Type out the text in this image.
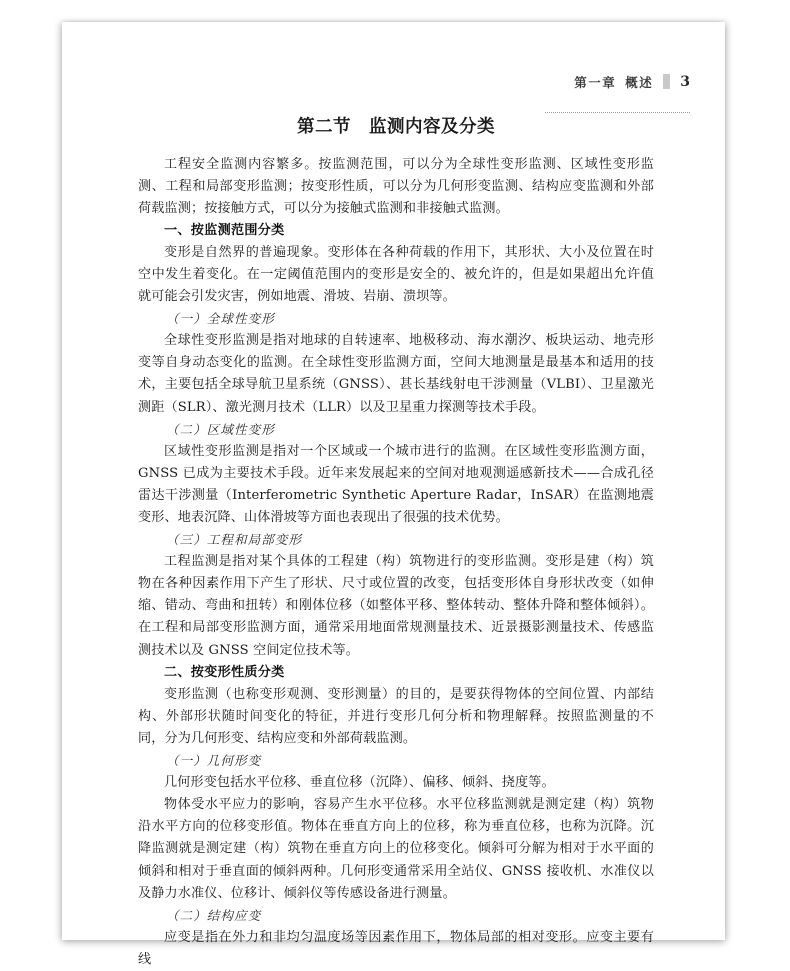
第一章 概述 3
第二节　监测内容及分类

工程安全监测内容繁多。按监测范围，可以分为全球性变形监测、区域性变形监测、工程和局部变形监测；按变形性质，可以分为几何形变监测、结构应变监测和外部荷载监测；按接触方式，可以分为接触式监测和非接触式监测。

一、按监测范围分类

变形是自然界的普遍现象。变形体在各种荷载的作用下，其形状、大小及位置在时空中发生着变化。在一定阈值范围内的变形是安全的、被允许的，但是如果超出允许值就可能会引发灾害，例如地震、滑坡、岩崩、溃坝等。

（一）全球性变形

全球性变形监测是指对地球的自转速率、地极移动、海水潮汐、板块运动、地壳形变等自身动态变化的监测。在全球性变形监测方面，空间大地测量是最基本和适用的技术，主要包括全球导航卫星系统（GNSS）、甚长基线射电干涉测量（VLBI）、卫星激光测距（SLR）、激光测月技术（LLR）以及卫星重力探测等技术手段。

（二）区域性变形

区域性变形监测是指对一个区域或一个城市进行的监测。在区域性变形监测方面，GNSS 已成为主要技术手段。近年来发展起来的空间对地观测遥感新技术——合成孔径雷达干涉测量（Interferometric Synthetic Aperture Radar，InSAR）在监测地震变形、地表沉降、山体滑坡等方面也表现出了很强的技术优势。

（三）工程和局部变形

工程监测是指对某个具体的工程建（构）筑物进行的变形监测。变形是建（构）筑物在各种因素作用下产生了形状、尺寸或位置的改变，包括变形体自身形状改变（如伸缩、错动、弯曲和扭转）和刚体位移（如整体平移、整体转动、整体升降和整体倾斜）。在工程和局部变形监测方面，通常采用地面常规测量技术、近景摄影测量技术、传感监测技术以及 GNSS 空间定位技术等。

二、按变形性质分类

变形监测（也称变形观测、变形测量）的目的，是要获得物体的空间位置、内部结构、外部形状随时间变化的特征，并进行变形几何分析和物理解释。按照监测量的不同，分为几何形变、结构应变和外部荷载监测。

（一）几何形变

几何形变包括水平位移、垂直位移（沉降）、偏移、倾斜、挠度等。

物体受水平应力的影响，容易产生水平位移。水平位移监测就是测定建（构）筑物沿水平方向的位移变形值。物体在垂直方向上的位移，称为垂直位移，也称为沉降。沉降监测就是测定建（构）筑物在垂直方向上的位移变化。倾斜可分解为相对于水平面的倾斜和相对于垂直面的倾斜两种。几何形变通常采用全站仪、GNSS 接收机、水准仪以及静力水准仪、位移计、倾斜仪等传感设备进行测量。

（二）结构应变

应变是指在外力和非均匀温度场等因素作用下，物体局部的相对变形。应变主要有线
